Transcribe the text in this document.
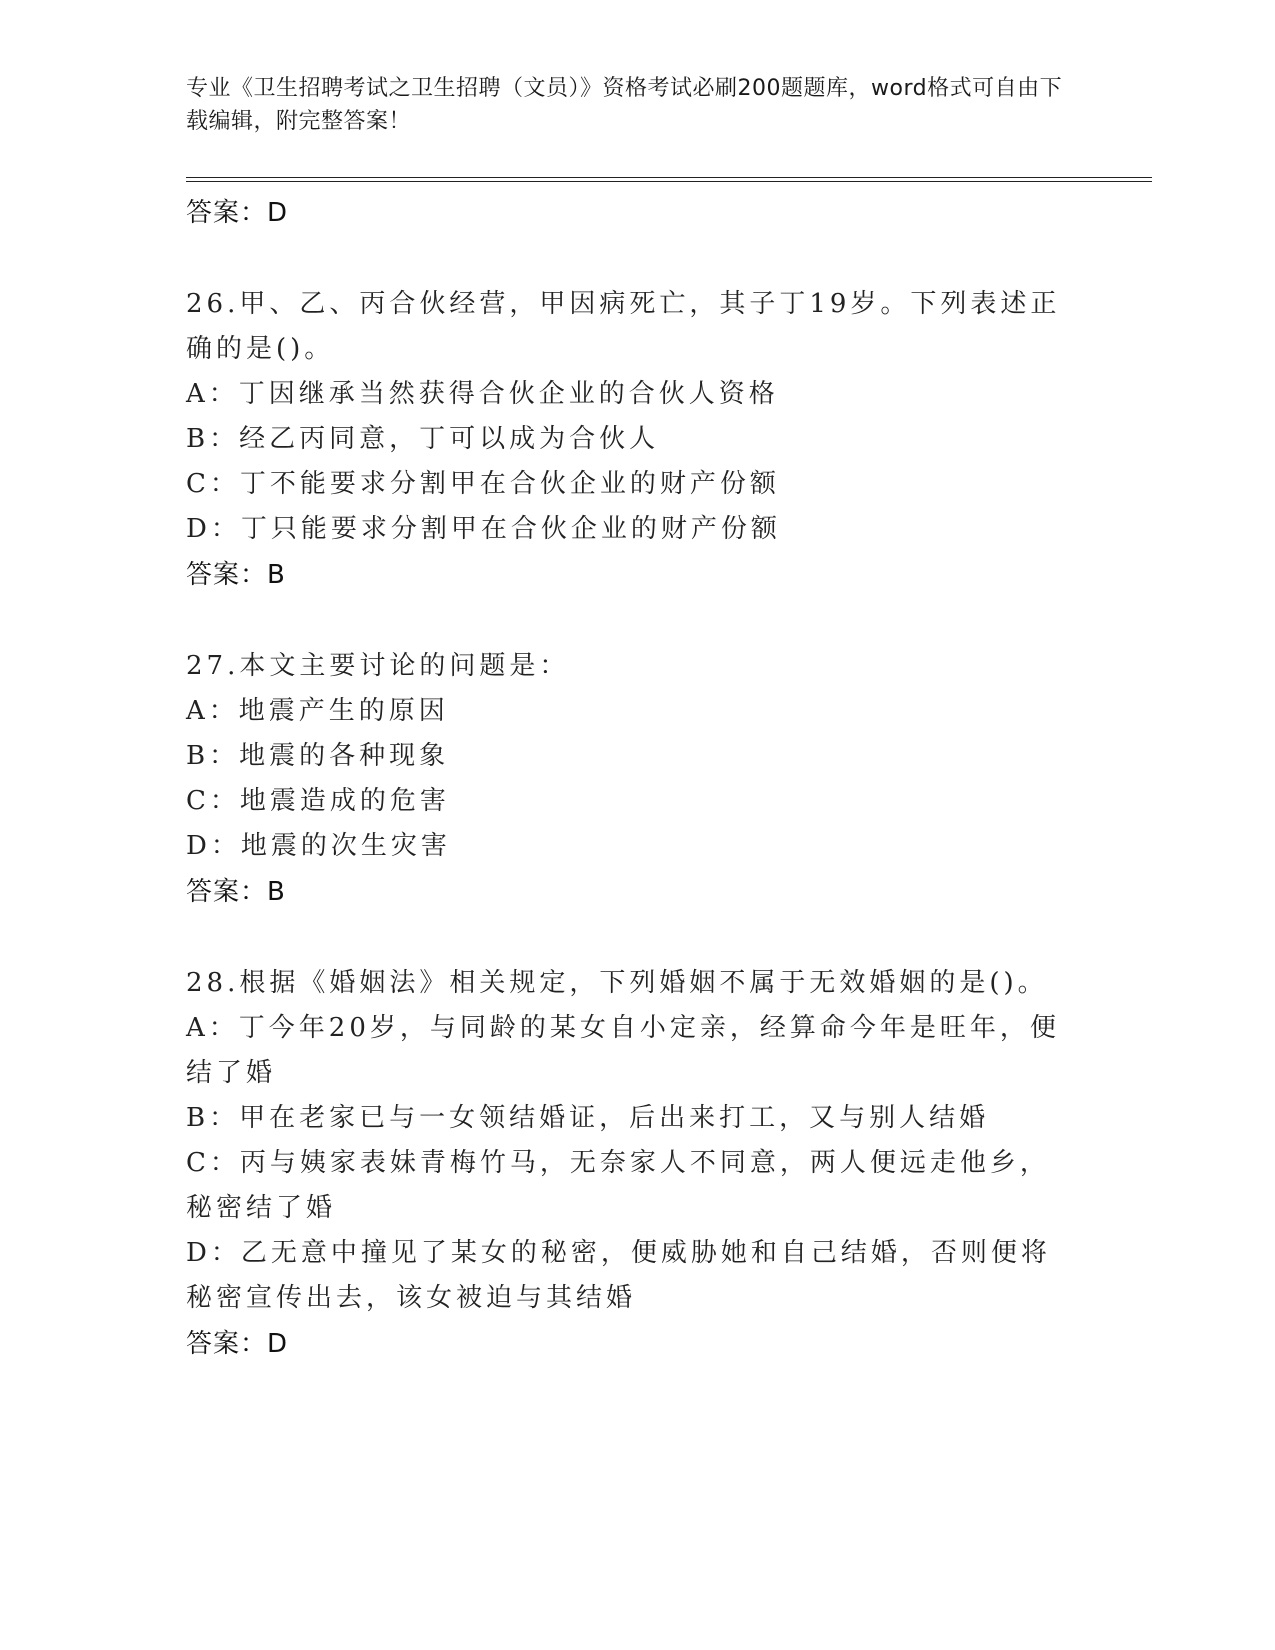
专业《卫生招聘考试之卫生招聘（文员）》资格考试必刷200题题库，word格式可自由下载编辑，附完整答案！
答案：D
26.甲、乙、丙合伙经营，甲因病死亡，其子丁19岁。下列表述正确的是()。
A：丁因继承当然获得合伙企业的合伙人资格
B：经乙丙同意，丁可以成为合伙人
C：丁不能要求分割甲在合伙企业的财产份额
D：丁只能要求分割甲在合伙企业的财产份额
答案：B
27.本文主要讨论的问题是：
A：地震产生的原因
B：地震的各种现象
C：地震造成的危害
D：地震的次生灾害
答案：B
28.根据《婚姻法》相关规定，下列婚姻不属于无效婚姻的是()。
A：丁今年20岁，与同龄的某女自小定亲，经算命今年是旺年，便结了婚
B：甲在老家已与一女领结婚证，后出来打工，又与别人结婚
C：丙与姨家表妹青梅竹马，无奈家人不同意，两人便远走他乡，秘密结了婚
D：乙无意中撞见了某女的秘密，便威胁她和自己结婚，否则便将秘密宣传出去，该女被迫与其结婚
答案：D
